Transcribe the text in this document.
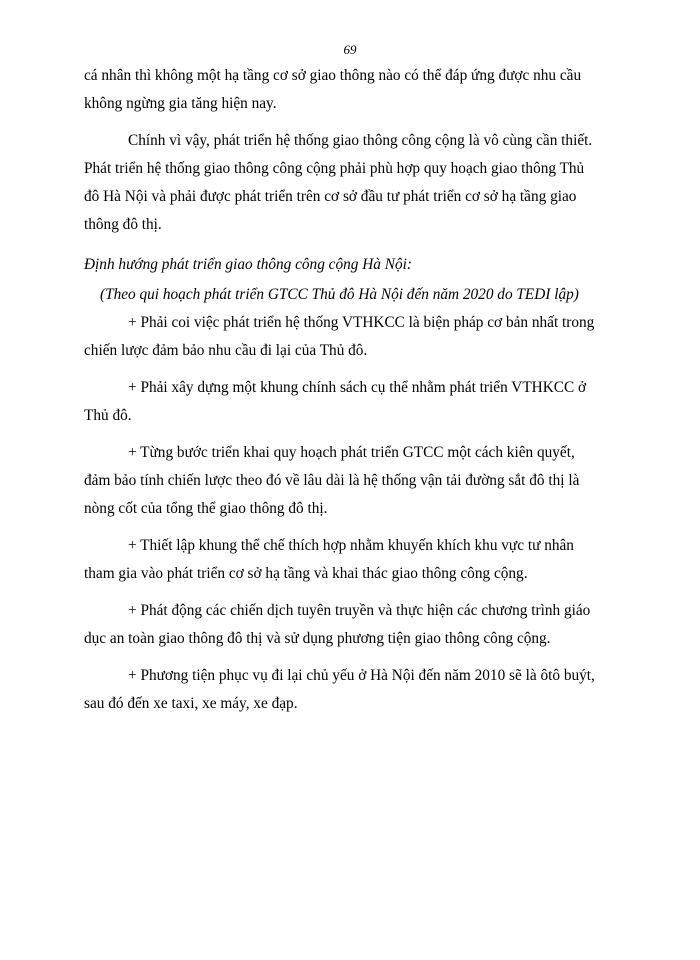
69

cá nhân thì không một hạ tầng cơ sở giao thông nào có thể đáp ứng được nhu cầu
không ngừng gia tăng hiện nay.

Chính vì vậy, phát triển hệ thống giao thông công cộng là vô cùng cần thiết.
Phát triển hệ thống giao thông công cộng phải phù hợp quy hoạch giao thông Thủ
đô Hà Nội và phải được phát triển trên cơ sở đầu tư phát triển cơ sở hạ tầng giao
thông đô thị.

Định hướng phát triển giao thông công cộng Hà Nội:

(Theo qui hoạch phát triển GTCC Thủ đô Hà Nội đến năm 2020 do TEDI lập)

+ Phải coi việc phát triển hệ thống VTHKCC là biện pháp cơ bản nhất trong
chiến lược đảm bảo nhu cầu đi lại của Thủ đô.

+ Phải xây dựng một khung chính sách cụ thể nhằm phát triển VTHKCC ở
Thủ đô.

+ Từng bước triển khai quy hoạch phát triển GTCC một cách kiên quyết,
đảm bảo tính chiến lược theo đó về lâu dài là hệ thống vận tải đường sắt đô thị là
nòng cốt của tổng thể giao thông đô thị.

+ Thiết lập khung thể chế thích hợp nhằm khuyến khích khu vực tư nhân
tham gia vào phát triển cơ sở hạ tầng và khai thác giao thông công cộng.

+ Phát động các chiến dịch tuyên truyền và thực hiện các chương trình giáo
dục an toàn giao thông đô thị và sử dụng phương tiện giao thông công cộng.

+ Phương tiện phục vụ đi lại chủ yếu ở Hà Nội đến năm 2010 sẽ là ôtô buýt,
sau đó đến xe taxi, xe máy, xe đạp.
